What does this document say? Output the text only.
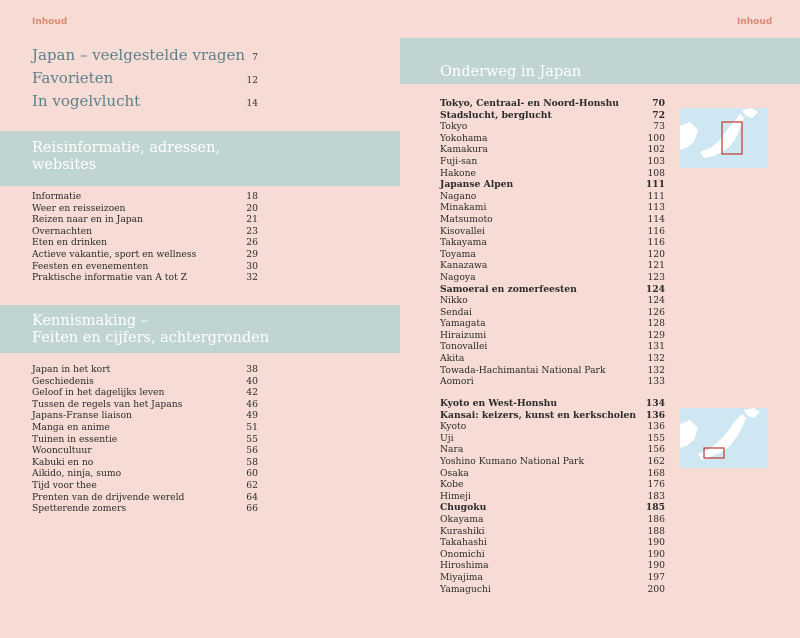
Inhoud	Inhoud
Japan – veelgestelde vragen 7
Favorieten	12
In vogelvlucht	14
Reisinformatie, adressen,
websites
Informatie	18
Weer en reisseizoen	20
Reizen naar en in Japan	21
Overnachten	23
Eten en drinken	26
Actieve vakantie, sport en wellness	29
Feesten en evenementen	30
Praktische informatie van A tot Z	32
Kennismaking –
Feiten en cijfers, achtergronden
Japan in het kort	38
Geschiedenis	40
Geloof in het dagelijks leven	42
Tussen de regels van het Japans	46
Japans-Franse liaison	49
Manga en anime	51
Tuinen in essentie	55
Wooncultuur	56
Kabuki en no	58
Aikido, ninja, sumo	60
Tijd voor thee	62
Prenten van de drijvende wereld	64
Spetterende zomers	66
Onderweg in Japan
Tokyo, Centraal- en Noord-Honshu	70
Stadslucht, berglucht	72
Tokyo	73
Yokohama	100
Kamakura	102
Fuji-san	103
Hakone	108
Japanse Alpen	111
Nagano	111
Minakami	113
Matsumoto	114
Kisovallei	116
Takayama	116
Toyama	120
Kanazawa	121
Nagoya	123
Samoerai en zomerfeesten	124
Nikko	124
Sendai	126
Yamagata	128
Hiraizumi	129
Tonovallei	131
Akita	132
Towada-Hachimantai National Park	132
Aomori	133
Kyoto en West-Honshu	134
Kansai: keizers, kunst en kerkscholen 136
Kyoto	136
Uji	155
Nara	156
Yoshino Kumano National Park	162
Osaka	168
Kobe	176
Himeji	183
Chugoku	185
Okayama	186
Kurashiki	188
Takahashi	190
Onomichi	190
Hiroshima	190
Miyajima	197
Yamaguchi	200
